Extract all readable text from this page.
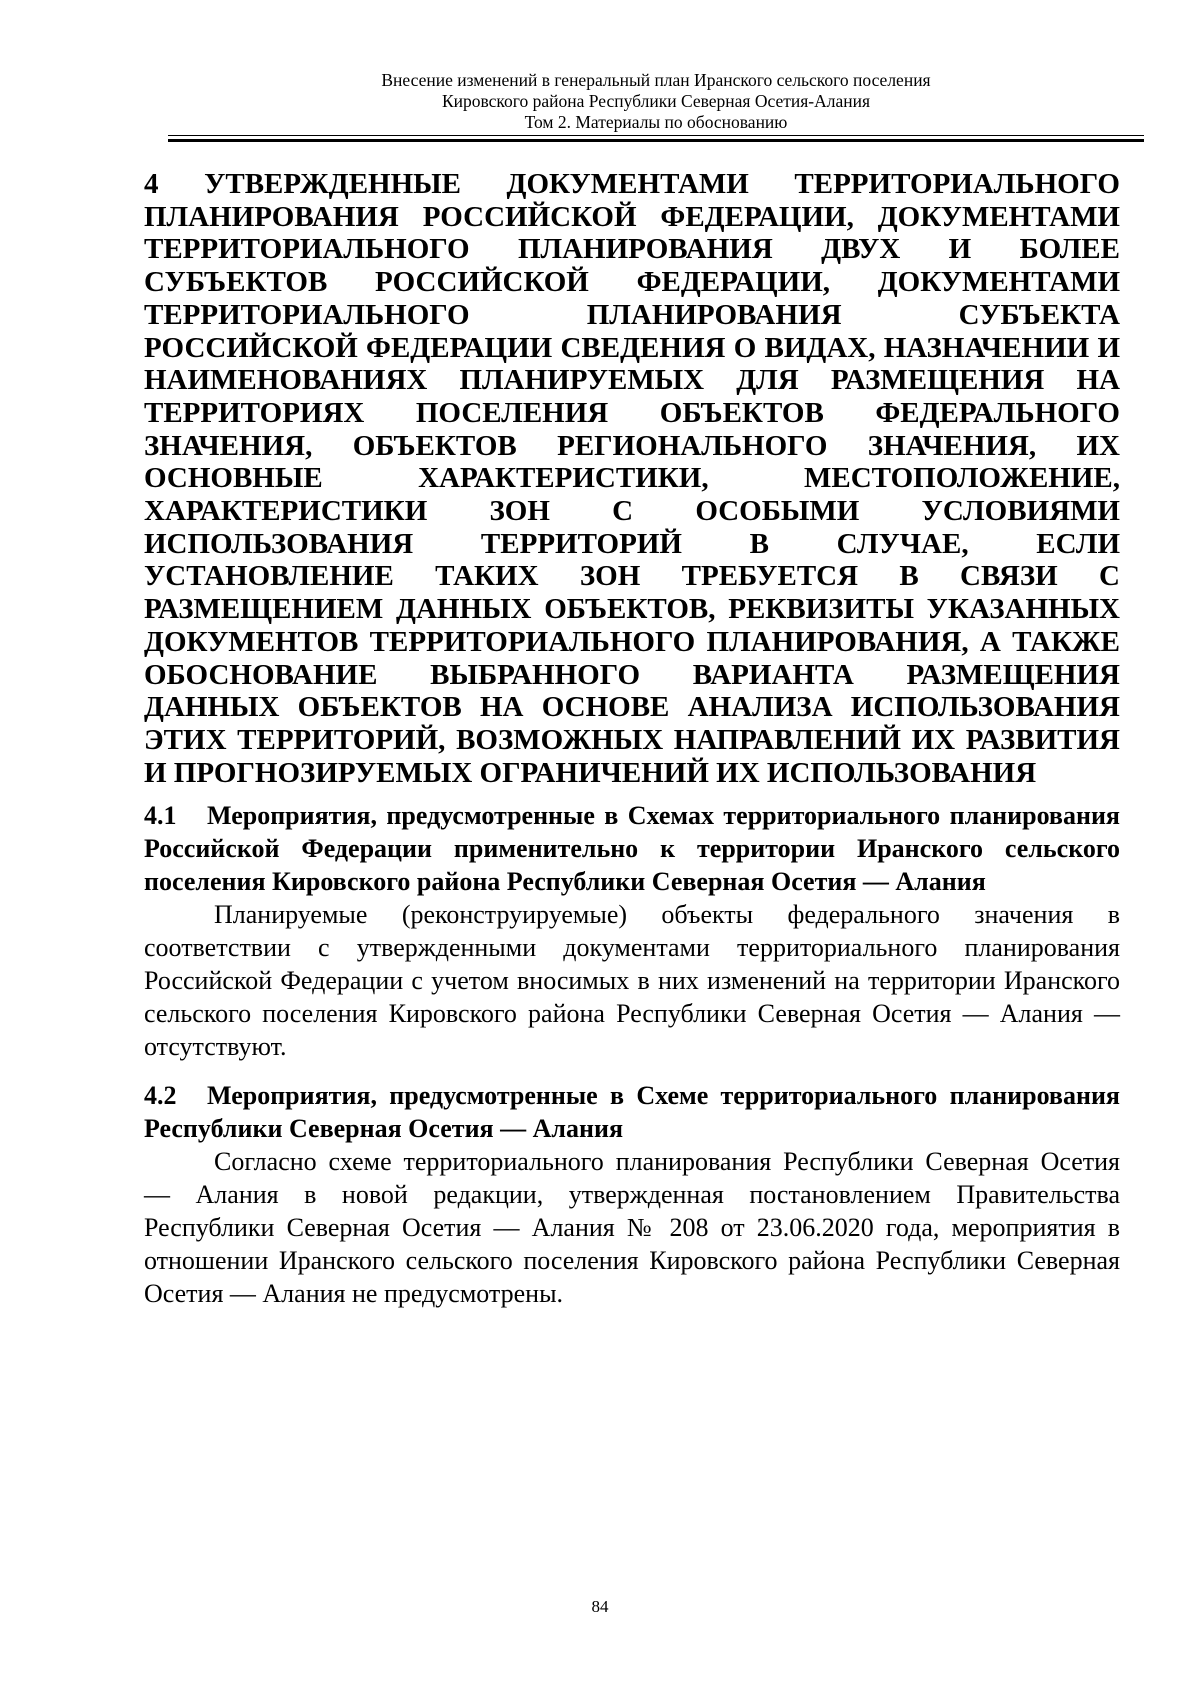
Внесение изменений в генеральный план Иранского сельского поселения
Кировского района Республики Северная Осетия-Алания
Том 2. Материалы по обоснованию
4 УТВЕРЖДЕННЫЕ ДОКУМЕНТАМИ ТЕРРИТОРИАЛЬНОГО ПЛАНИРОВАНИЯ РОССИЙСКОЙ ФЕДЕРАЦИИ, ДОКУМЕНТАМИ ТЕРРИТОРИАЛЬНОГО ПЛАНИРОВАНИЯ ДВУХ И БОЛЕЕ СУБЪЕКТОВ РОССИЙСКОЙ ФЕДЕРАЦИИ, ДОКУМЕНТАМИ ТЕРРИТОРИАЛЬНОГО ПЛАНИРОВАНИЯ СУБЪЕКТА РОССИЙСКОЙ ФЕДЕРАЦИИ СВЕДЕНИЯ О ВИДАХ, НАЗНАЧЕНИИ И НАИМЕНОВАНИЯХ ПЛАНИРУЕМЫХ ДЛЯ РАЗМЕЩЕНИЯ НА ТЕРРИТОРИЯХ ПОСЕЛЕНИЯ ОБЪЕКТОВ ФЕДЕРАЛЬНОГО ЗНАЧЕНИЯ, ОБЪЕКТОВ РЕГИОНАЛЬНОГО ЗНАЧЕНИЯ, ИХ ОСНОВНЫЕ ХАРАКТЕРИСТИКИ, МЕСТОПОЛОЖЕНИЕ, ХАРАКТЕРИСТИКИ ЗОН С ОСОБЫМИ УСЛОВИЯМИ ИСПОЛЬЗОВАНИЯ ТЕРРИТОРИЙ В СЛУЧАЕ, ЕСЛИ УСТАНОВЛЕНИЕ ТАКИХ ЗОН ТРЕБУЕТСЯ В СВЯЗИ С РАЗМЕЩЕНИЕМ ДАННЫХ ОБЪЕКТОВ, РЕКВИЗИТЫ УКАЗАННЫХ ДОКУМЕНТОВ ТЕРРИТОРИАЛЬНОГО ПЛАНИРОВАНИЯ, А ТАКЖЕ ОБОСНОВАНИЕ ВЫБРАННОГО ВАРИАНТА РАЗМЕЩЕНИЯ ДАННЫХ ОБЪЕКТОВ НА ОСНОВЕ АНАЛИЗА ИСПОЛЬЗОВАНИЯ ЭТИХ ТЕРРИТОРИЙ, ВОЗМОЖНЫХ НАПРАВЛЕНИЙ ИХ РАЗВИТИЯ И ПРОГНОЗИРУЕМЫХ ОГРАНИЧЕНИЙ ИХ ИСПОЛЬЗОВАНИЯ
4.1 Мероприятия, предусмотренные в Схемах территориального планирования Российской Федерации применительно к территории Иранского сельского поселения Кировского района Республики Северная Осетия — Алания

Планируемые (реконструируемые) объекты федерального значения в соответствии с утвержденными документами территориального планирования Российской Федерации с учетом вносимых в них изменений на территории Иранского сельского поселения Кировского района Республики Северная Осетия — Алания — отсутствуют.

4.2 Мероприятия, предусмотренные в Схеме территориального планирования Республики Северная Осетия — Алания

Согласно схеме территориального планирования Республики Северная Осетия — Алания в новой редакции, утвержденная постановлением Правительства Республики Северная Осетия — Алания № 208 от 23.06.2020 года, мероприятия в отношении Иранского сельского поселения Кировского района Республики Северная Осетия — Алания не предусмотрены.

84
